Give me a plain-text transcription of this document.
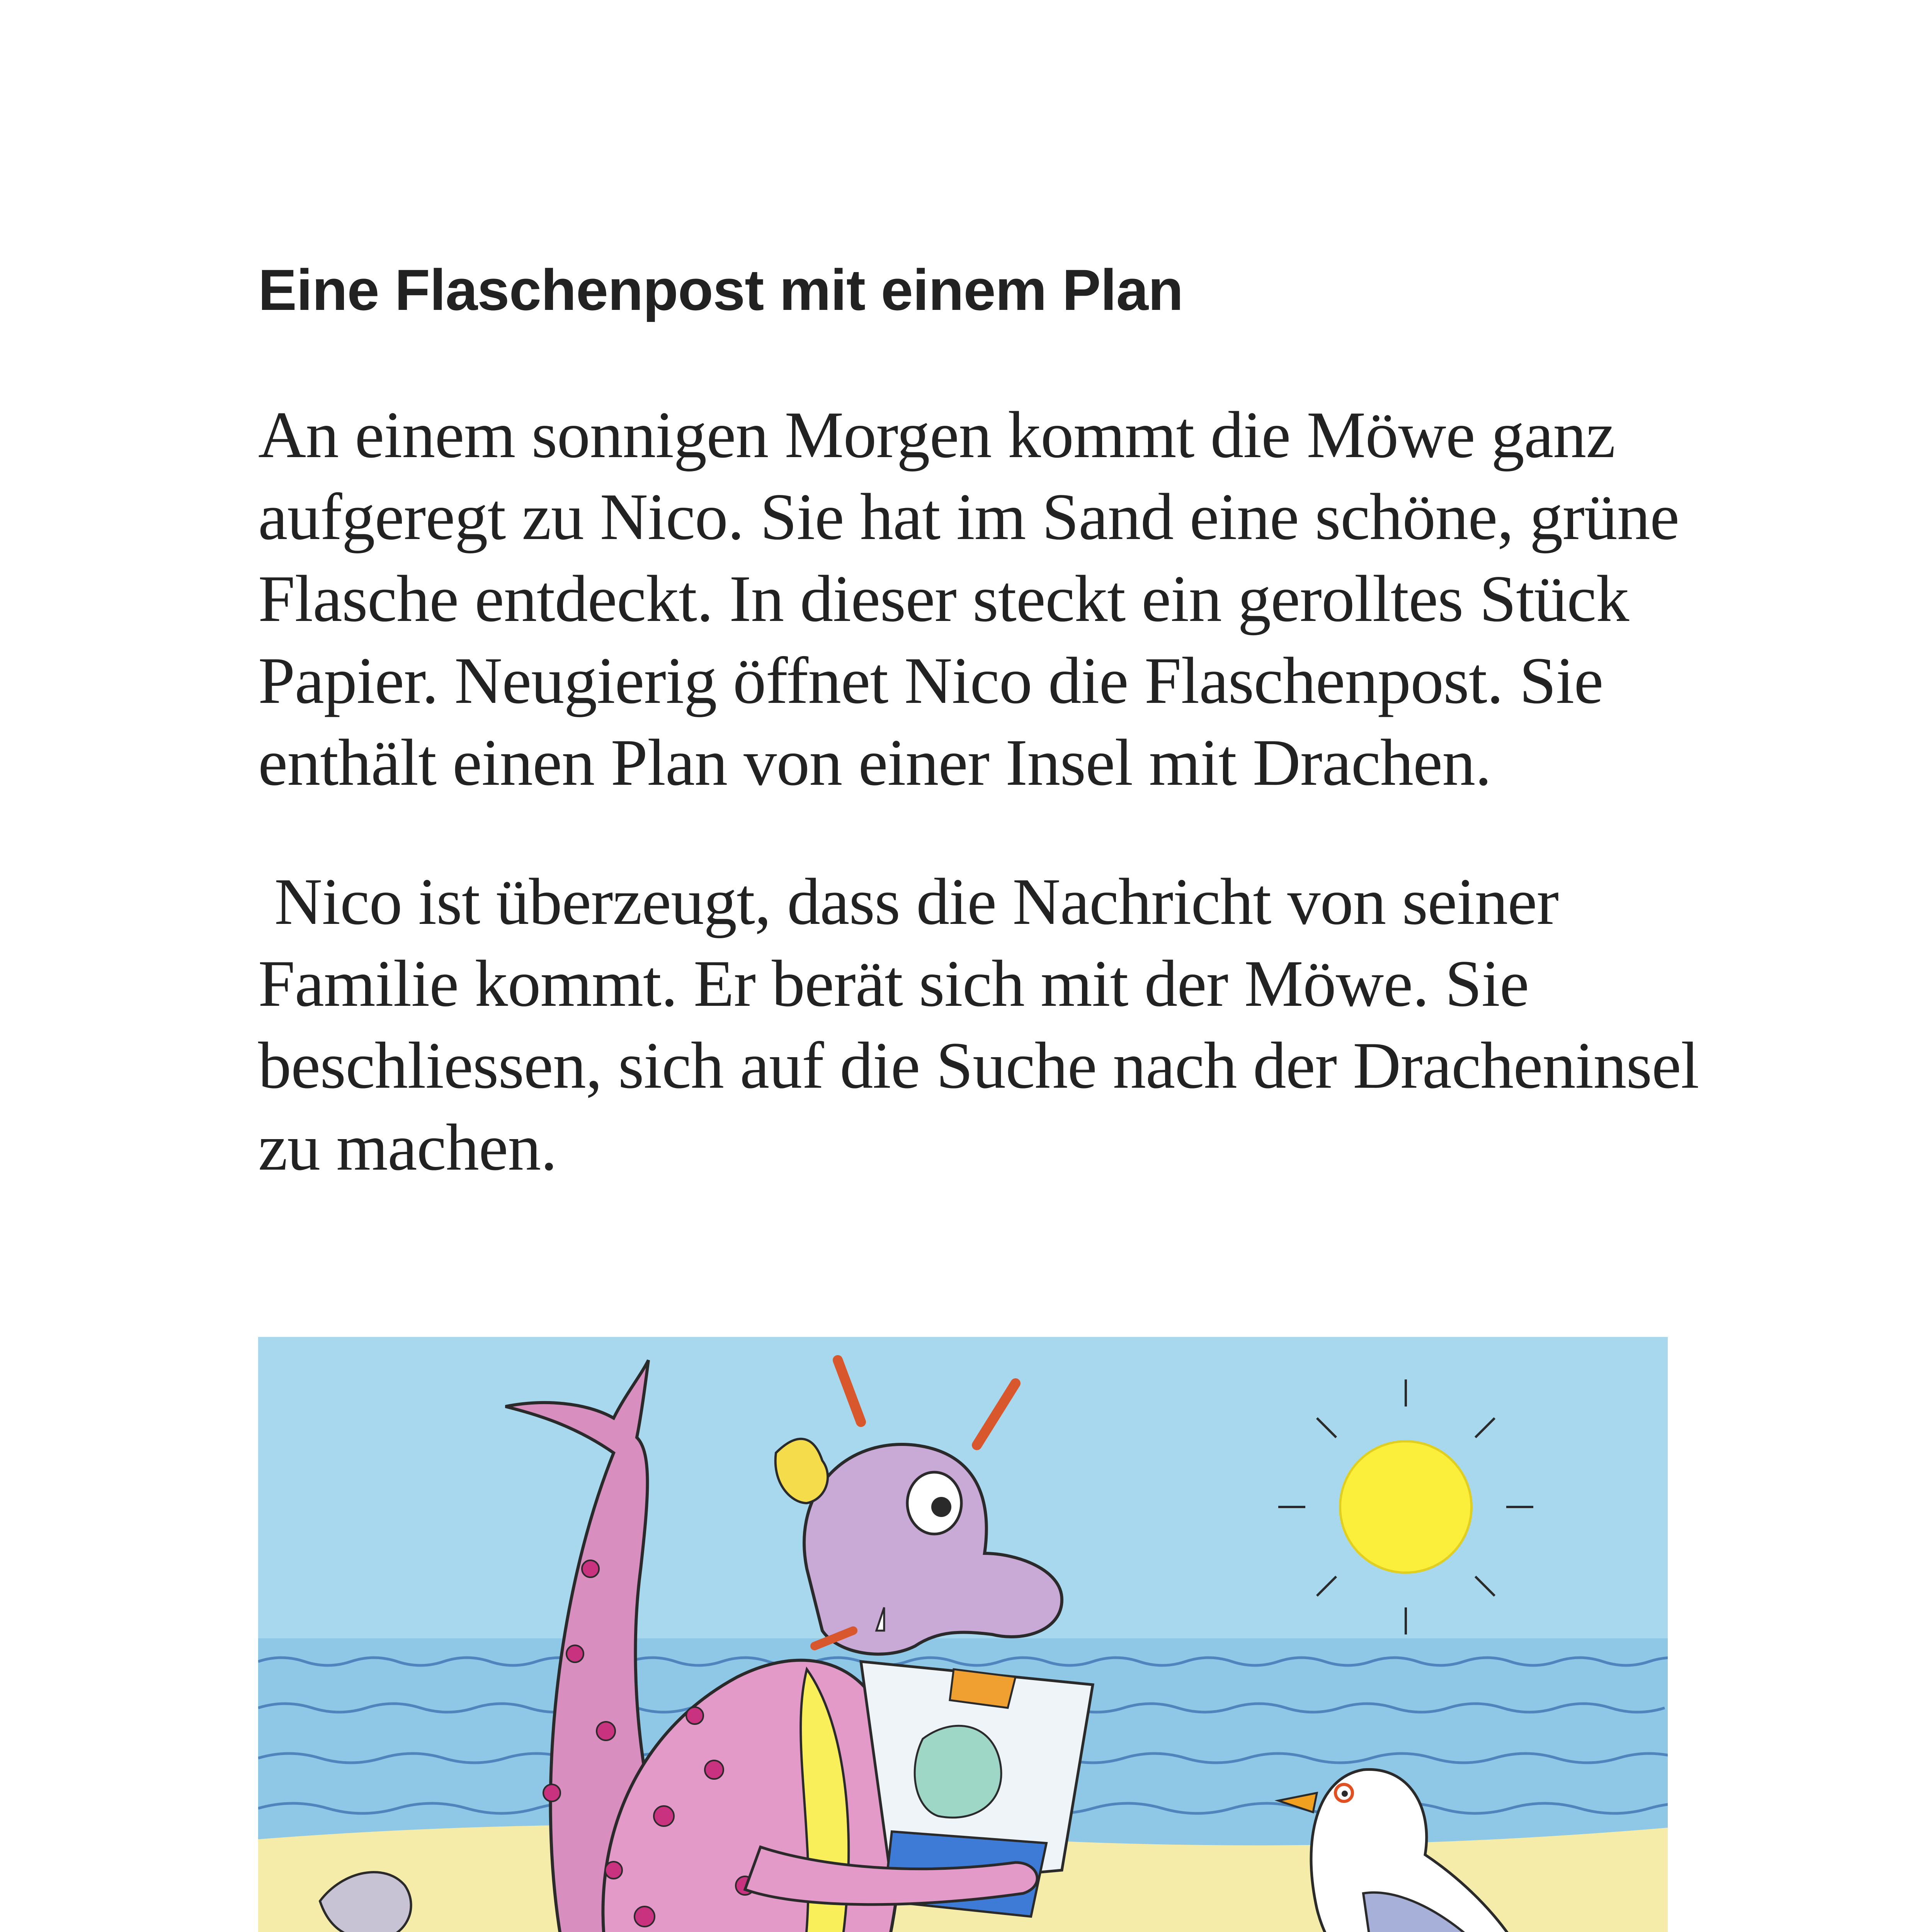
Eine Flaschenpost mit einem Plan
An einem sonnigen Morgen kommt die Möwe ganz
aufgeregt zu Nico. Sie hat im Sand eine schöne, grüne
Flasche entdeckt. In dieser steckt ein gerolltes Stück
Papier. Neugierig öffnet Nico die Flaschenpost. Sie
enthält einen Plan von einer Insel mit Drachen.
Nico ist überzeugt, dass die Nachricht von seiner
Familie kommt. Er berät sich mit der Möwe. Sie
beschliessen, sich auf die Suche nach der Dracheninsel
zu machen.
